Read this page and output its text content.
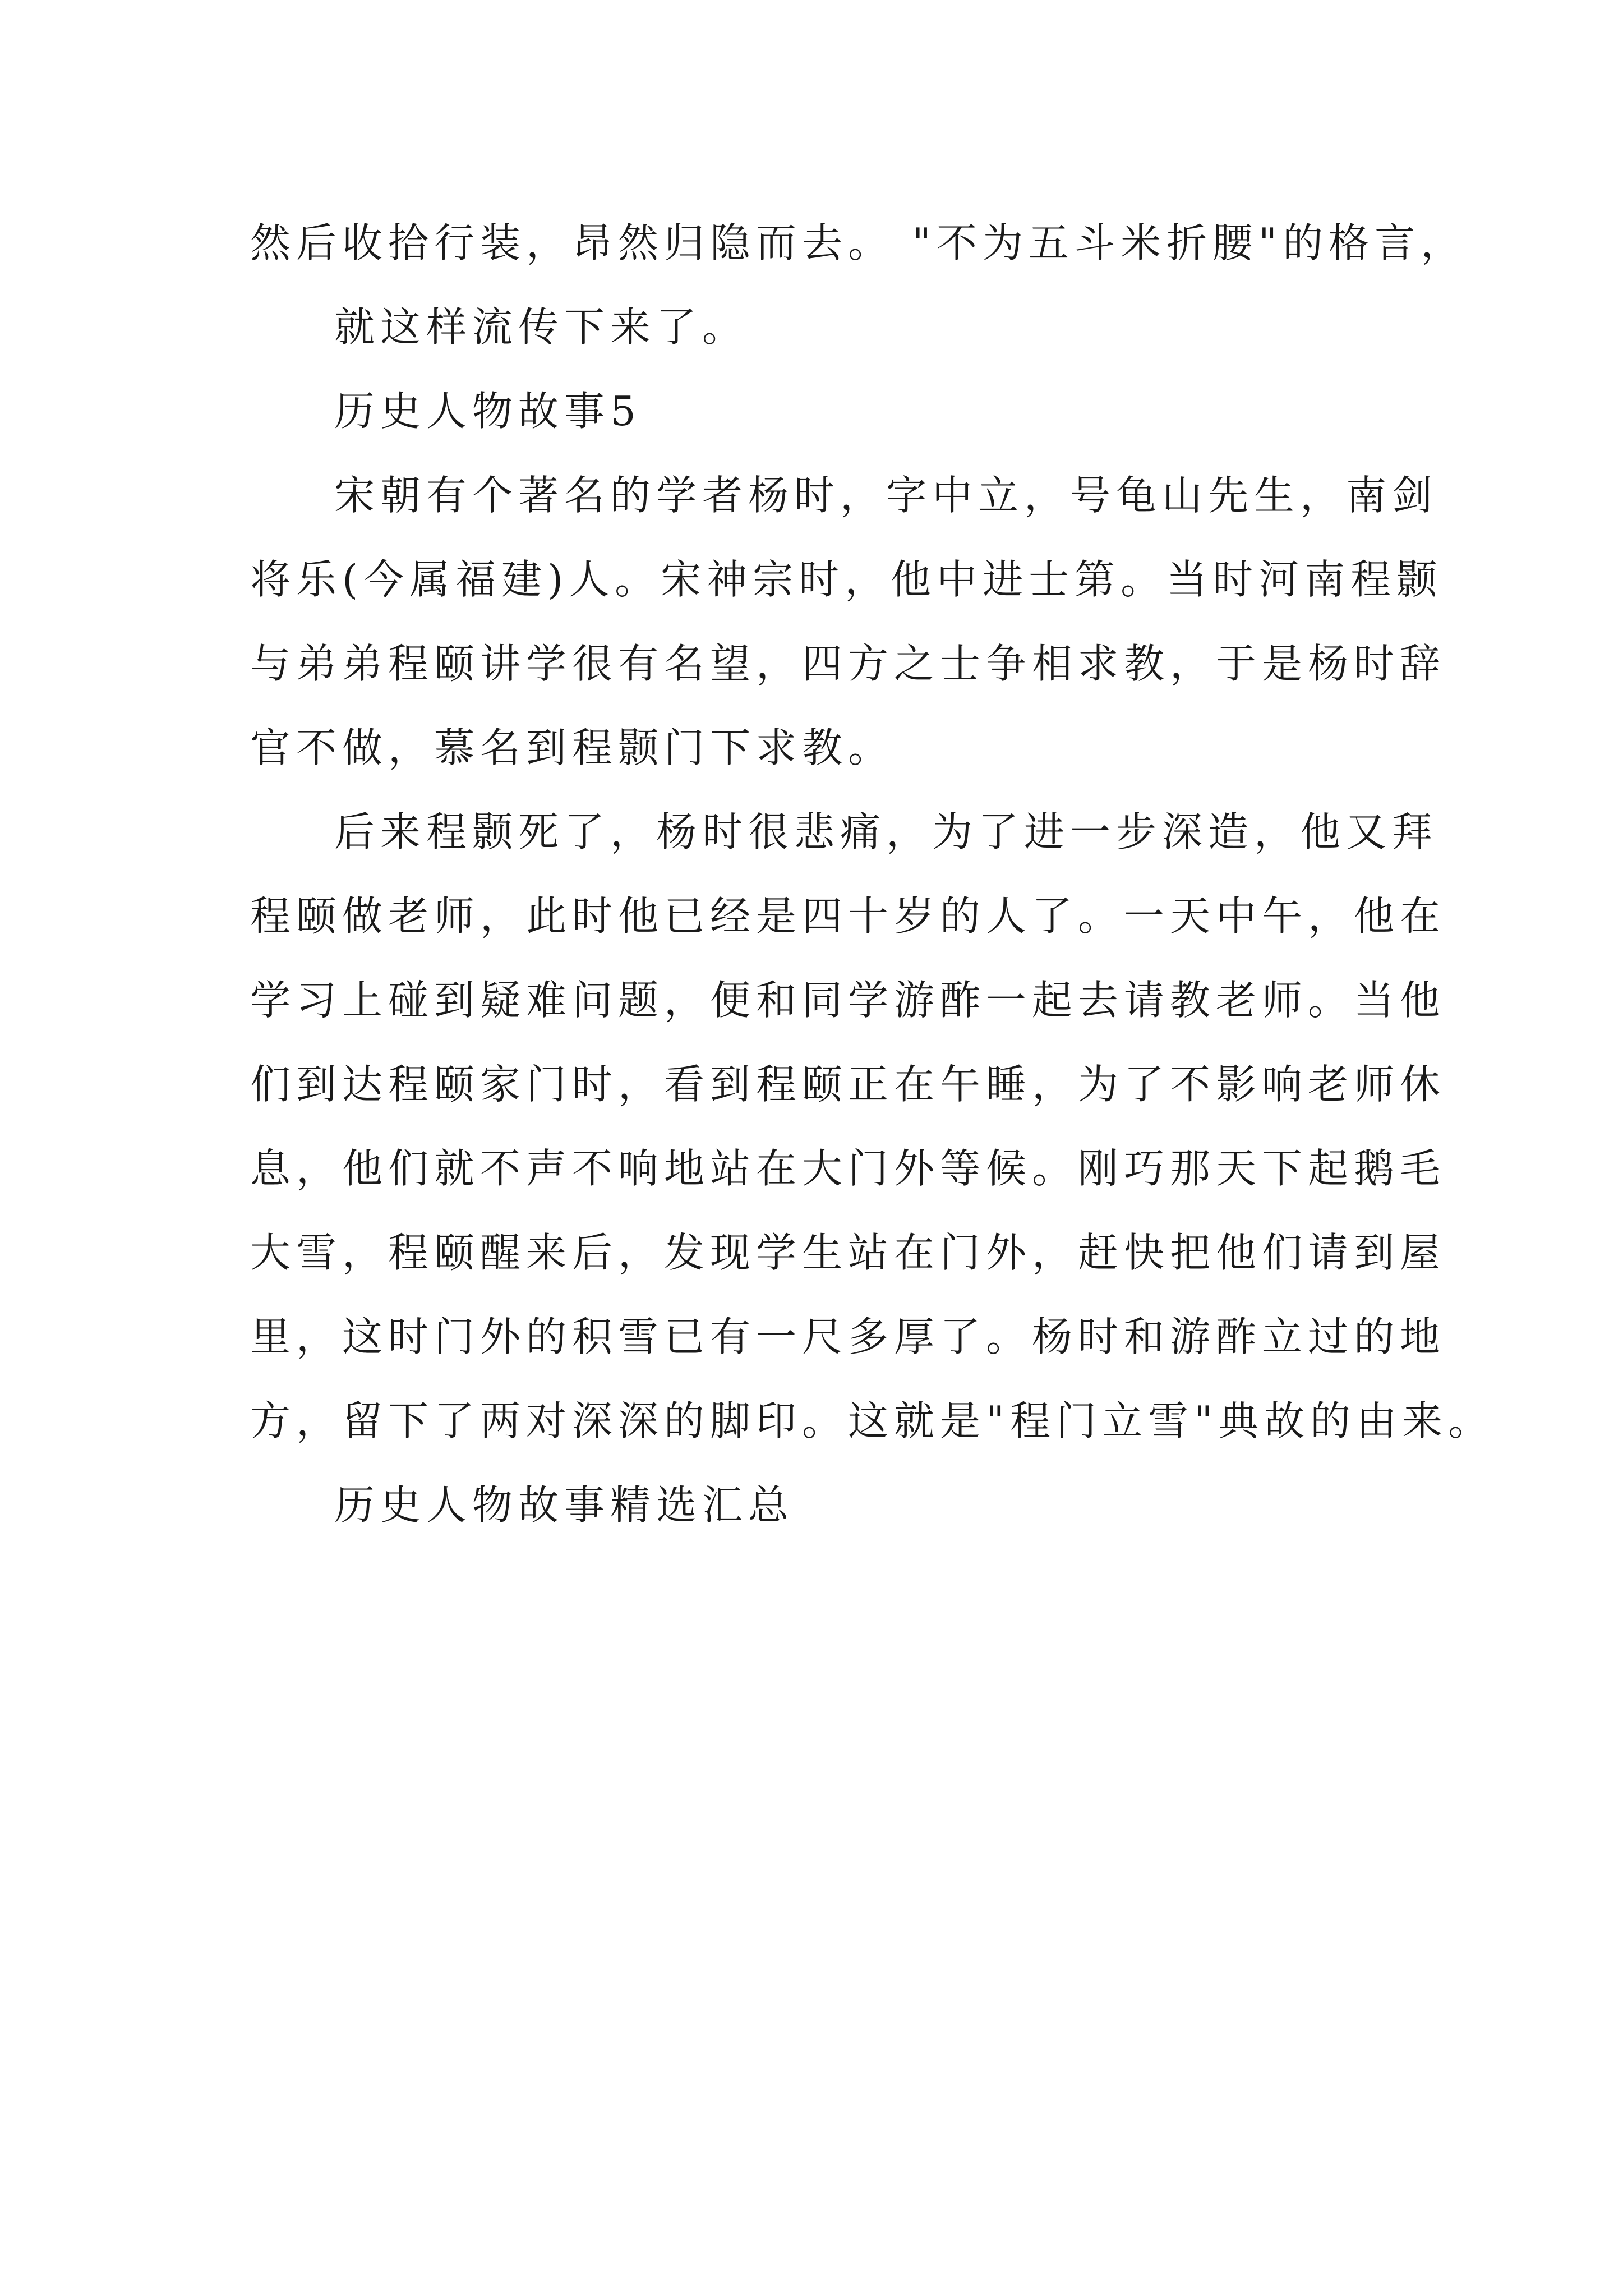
然后收拾行装，昂然归隐而去。 "不为五斗米折腰"的格言，
就这样流传下来了。
历史人物故事5
宋朝有个著名的学者杨时，字中立，号龟山先生，南剑
将乐(今属福建)人。宋神宗时，他中进士第。当时河南程颢
与弟弟程颐讲学很有名望，四方之士争相求教，于是杨时辞
官不做，慕名到程颢门下求教。
后来程颢死了，杨时很悲痛，为了进一步深造，他又拜
程颐做老师，此时他已经是四十岁的人了。一天中午，他在
学习上碰到疑难问题，便和同学游酢一起去请教老师。当他
们到达程颐家门时，看到程颐正在午睡，为了不影响老师休
息，他们就不声不响地站在大门外等候。刚巧那天下起鹅毛
大雪，程颐醒来后，发现学生站在门外，赶快把他们请到屋
里，这时门外的积雪已有一尺多厚了。杨时和游酢立过的地
方，留下了两对深深的脚印。这就是"程门立雪"典故的由来。
历史人物故事精选汇总
